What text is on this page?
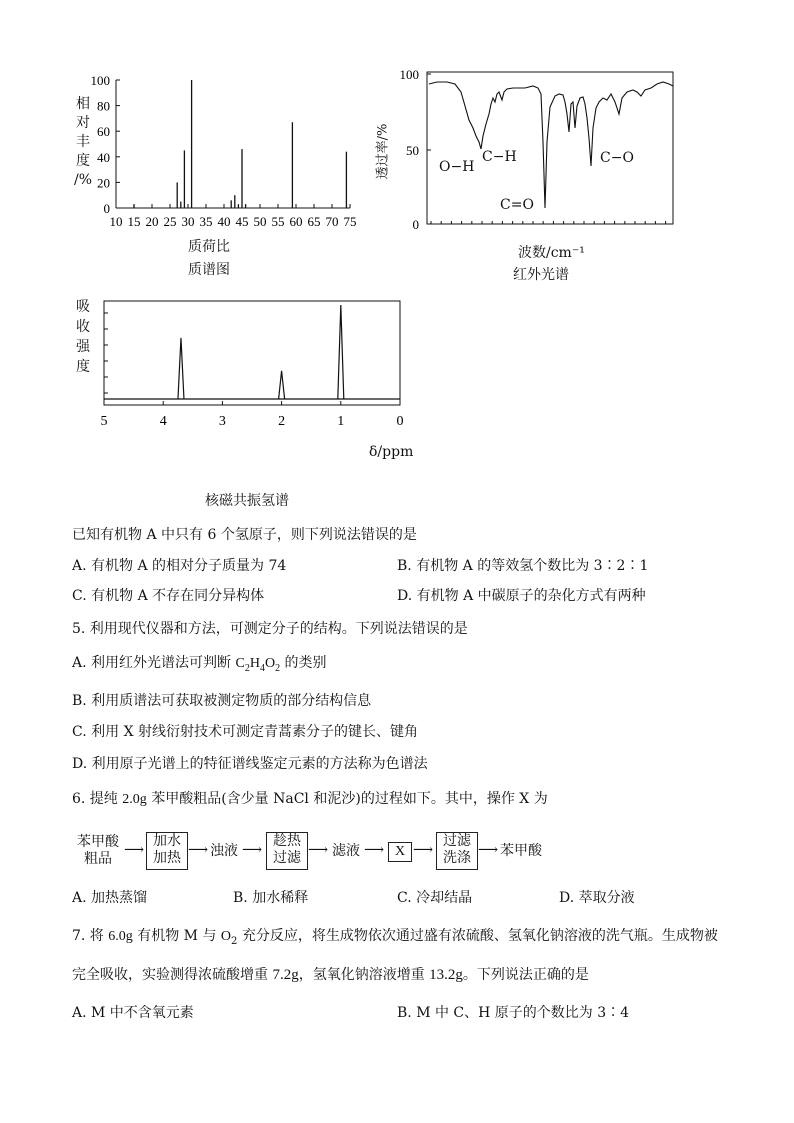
相
对
丰
度
/%
100
80
60
40
20
0
10 15 20 25 30 35 40 45 50 55 60 65 70 75
质荷比
质谱图
透过率/%
100
50
0
O−H
C−H
C=O
C−O
波数/cm⁻¹
红外光谱
吸
收
强
度
5	4	3	2	1	0
δ/ppm
核磁共振氢谱
已知有机物 A 中只有 6 个氢原子，则下列说法错误的是
A. 有机物 A 的相对分子质量为 74	B. 有机物 A 的等效氢个数比为 3∶2∶1
C. 有机物 A 不存在同分异构体	D. 有机物 A 中碳原子的杂化方式有两种
5. 利用现代仪器和方法，可测定分子的结构。下列说法错误的是
A. 利用红外光谱法可判断 $C_2H_4O_2$ 的类别
B. 利用质谱法可获取被测定物质的部分结构信息
C. 利用 X 射线衍射技术可测定青蒿素分子的键长、键角
D. 利用原子光谱上的特征谱线鉴定元素的方法称为色谱法
6. 提纯 2.0g 苯甲酸粗品(含少量 NaCl 和泥沙)的过程如下。其中，操作 X 为
苯甲酸
粗品
⟶
加水
加热 ⟶ 浊液 ⟶
趁热
过滤 ⟶ 滤液 ⟶ X ⟶
过滤
洗涤 ⟶ 苯甲酸
A. 加热蒸馏	B. 加水稀释	C. 冷却结晶	D. 萃取分液
7. 将 6.0g 有机物 M 与 $O_2$ 充分反应，将生成物依次通过盛有浓硫酸、氢氧化钠溶液的洗气瓶。生成物被
完全吸收，实验测得浓硫酸增重 7.2g，氢氧化钠溶液增重 13.2g。下列说法正确的是
A. M 中不含氧元素	B. M 中 C、H 原子的个数比为 3∶4
